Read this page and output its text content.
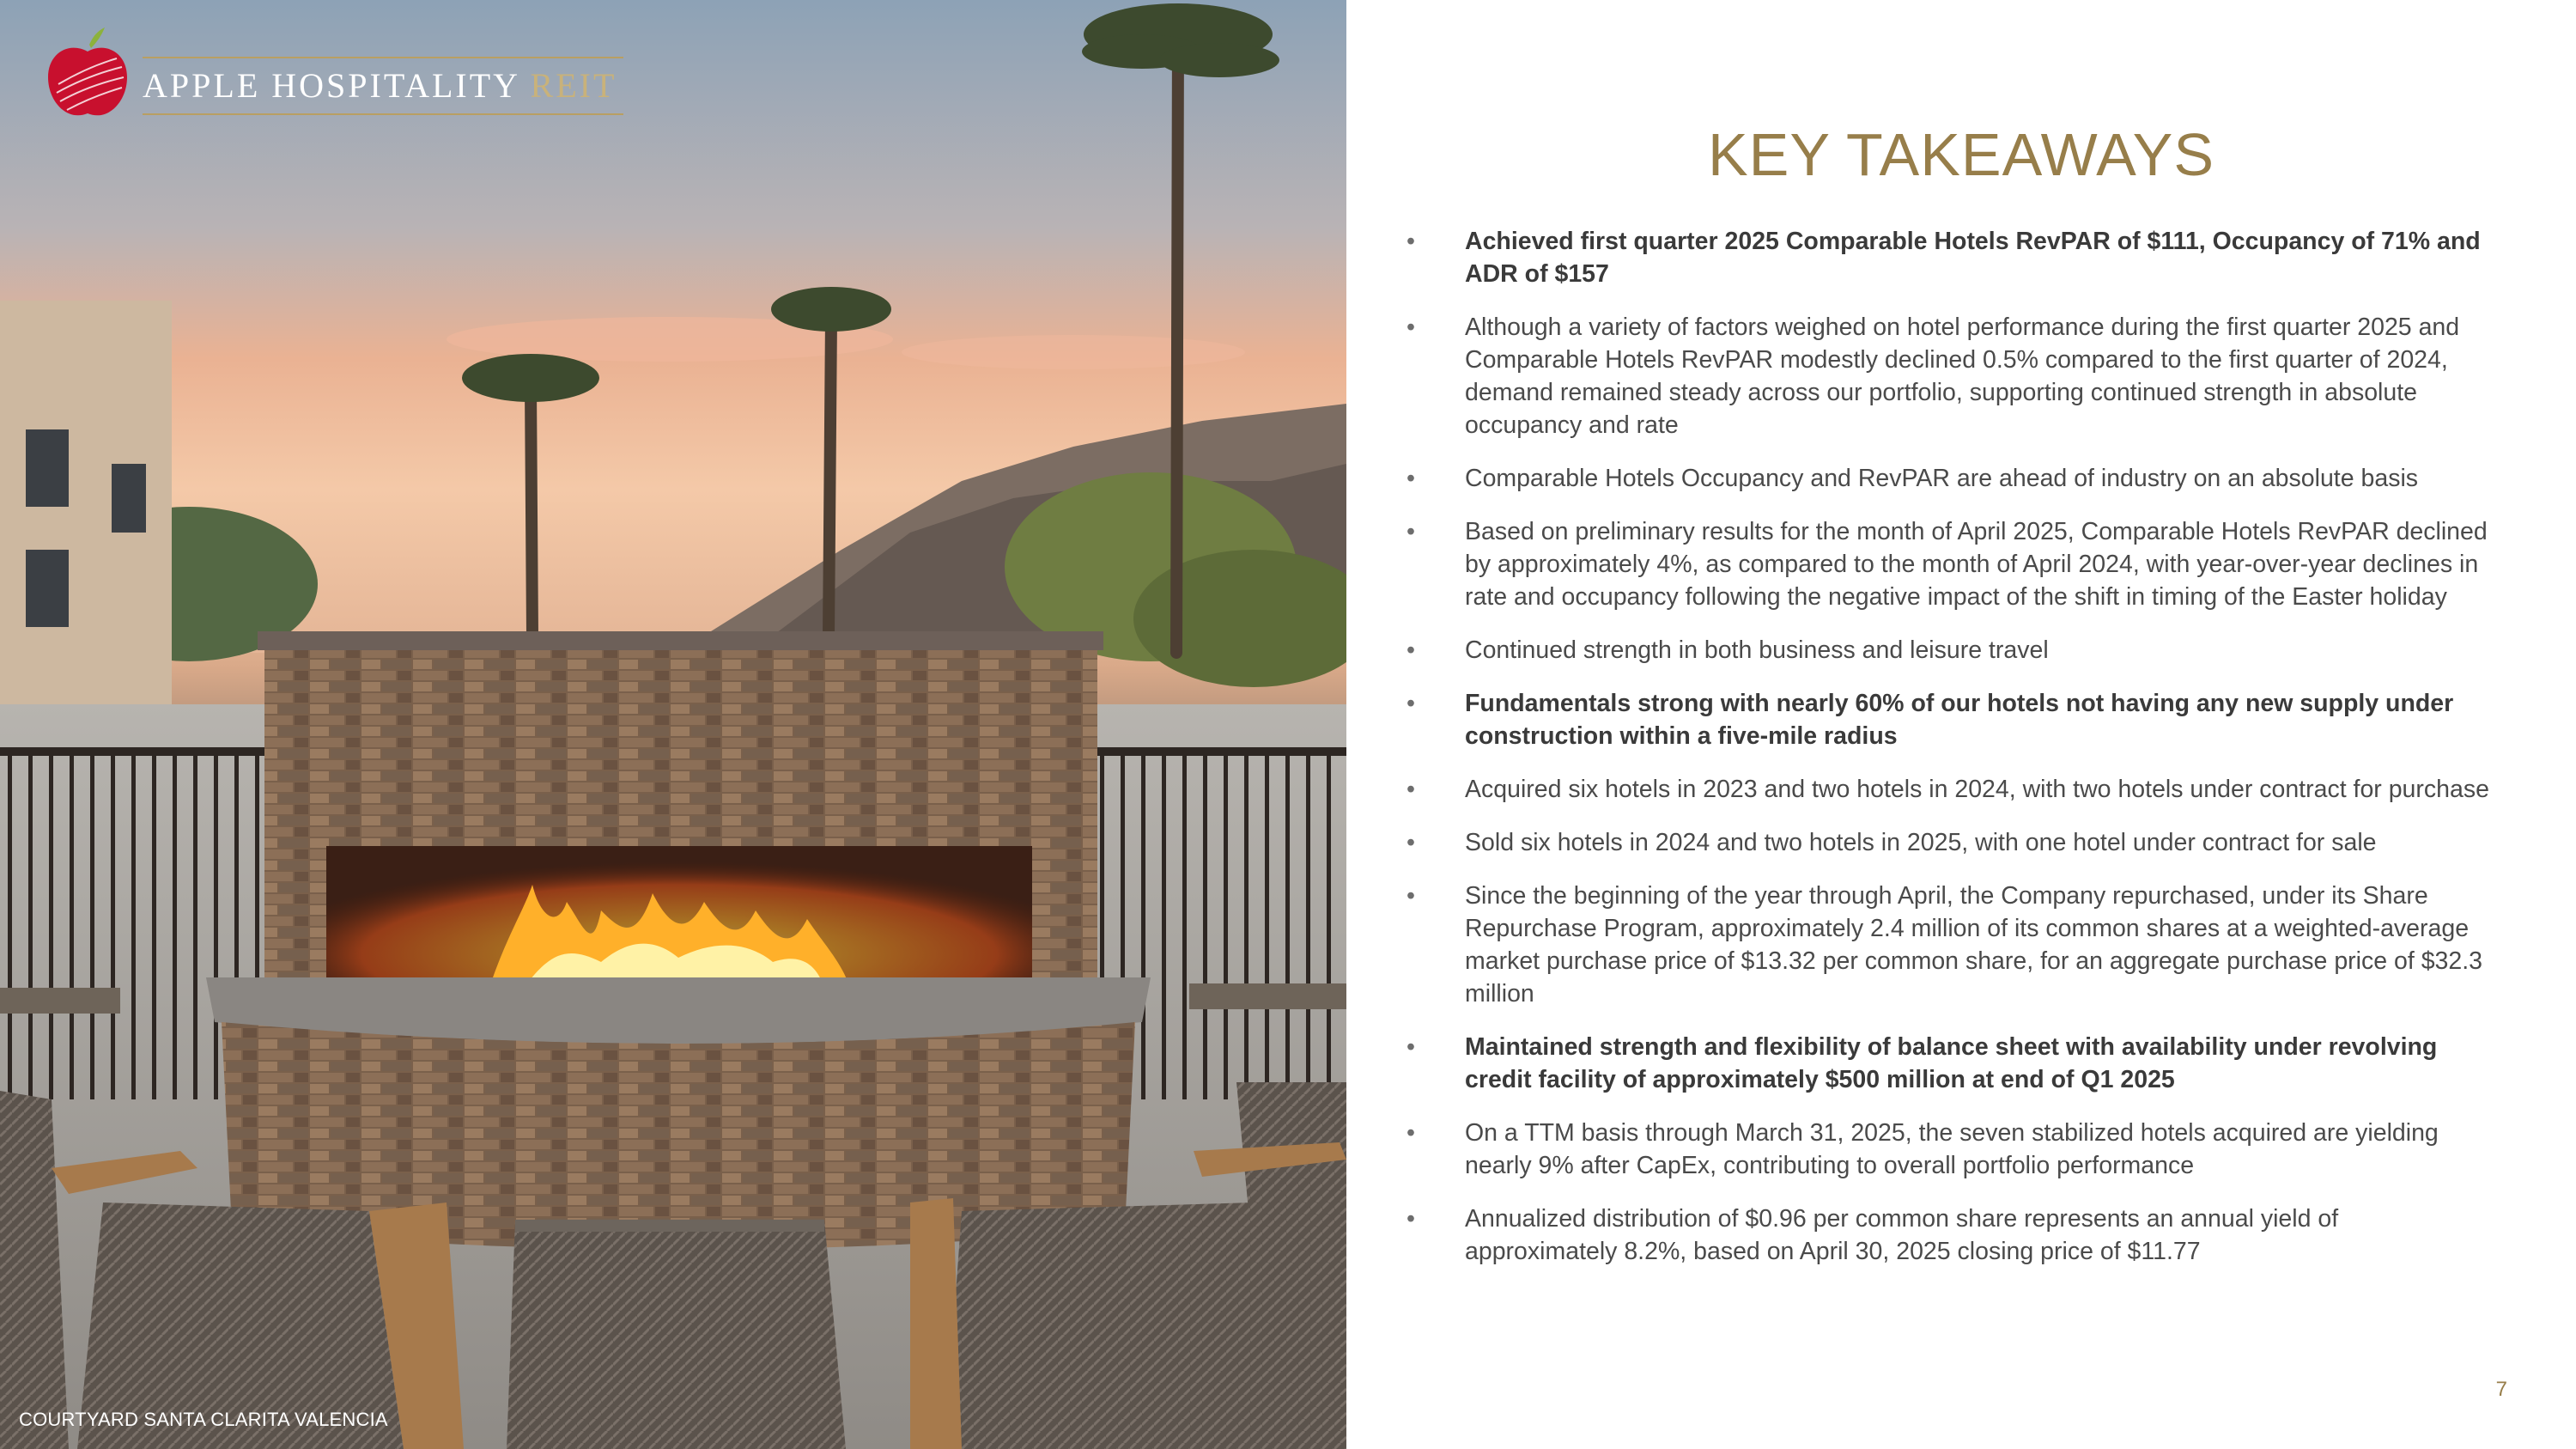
APPLE HOSPITALITY REIT
COURTYARD SANTA CLARITA VALENCIA
KEY TAKEAWAYS
• Achieved first quarter 2025 Comparable Hotels RevPAR of $111, Occupancy of 71% and ADR of $157
• Although a variety of factors weighed on hotel performance during the first quarter 2025 and Comparable Hotels RevPAR modestly declined 0.5% compared to the first quarter of 2024, demand remained steady across our portfolio, supporting continued strength in absolute occupancy and rate
• Comparable Hotels Occupancy and RevPAR are ahead of industry on an absolute basis
• Based on preliminary results for the month of April 2025, Comparable Hotels RevPAR declined by approximately 4%, as compared to the month of April 2024, with year-over-year declines in rate and occupancy following the negative impact of the shift in timing of the Easter holiday
• Continued strength in both business and leisure travel
• Fundamentals strong with nearly 60% of our hotels not having any new supply under construction within a five-mile radius
• Acquired six hotels in 2023 and two hotels in 2024, with two hotels under contract for purchase
• Sold six hotels in 2024 and two hotels in 2025, with one hotel under contract for sale
• Since the beginning of the year through April, the Company repurchased, under its Share Repurchase Program, approximately 2.4 million of its common shares at a weighted-average market purchase price of $13.32 per common share, for an aggregate purchase price of $32.3 million
• Maintained strength and flexibility of balance sheet with availability under revolving credit facility of approximately $500 million at end of Q1 2025
• On a TTM basis through March 31, 2025, the seven stabilized hotels acquired are yielding nearly 9% after CapEx, contributing to overall portfolio performance
• Annualized distribution of $0.96 per common share represents an annual yield of approximately 8.2%, based on April 30, 2025 closing price of $11.77
7
